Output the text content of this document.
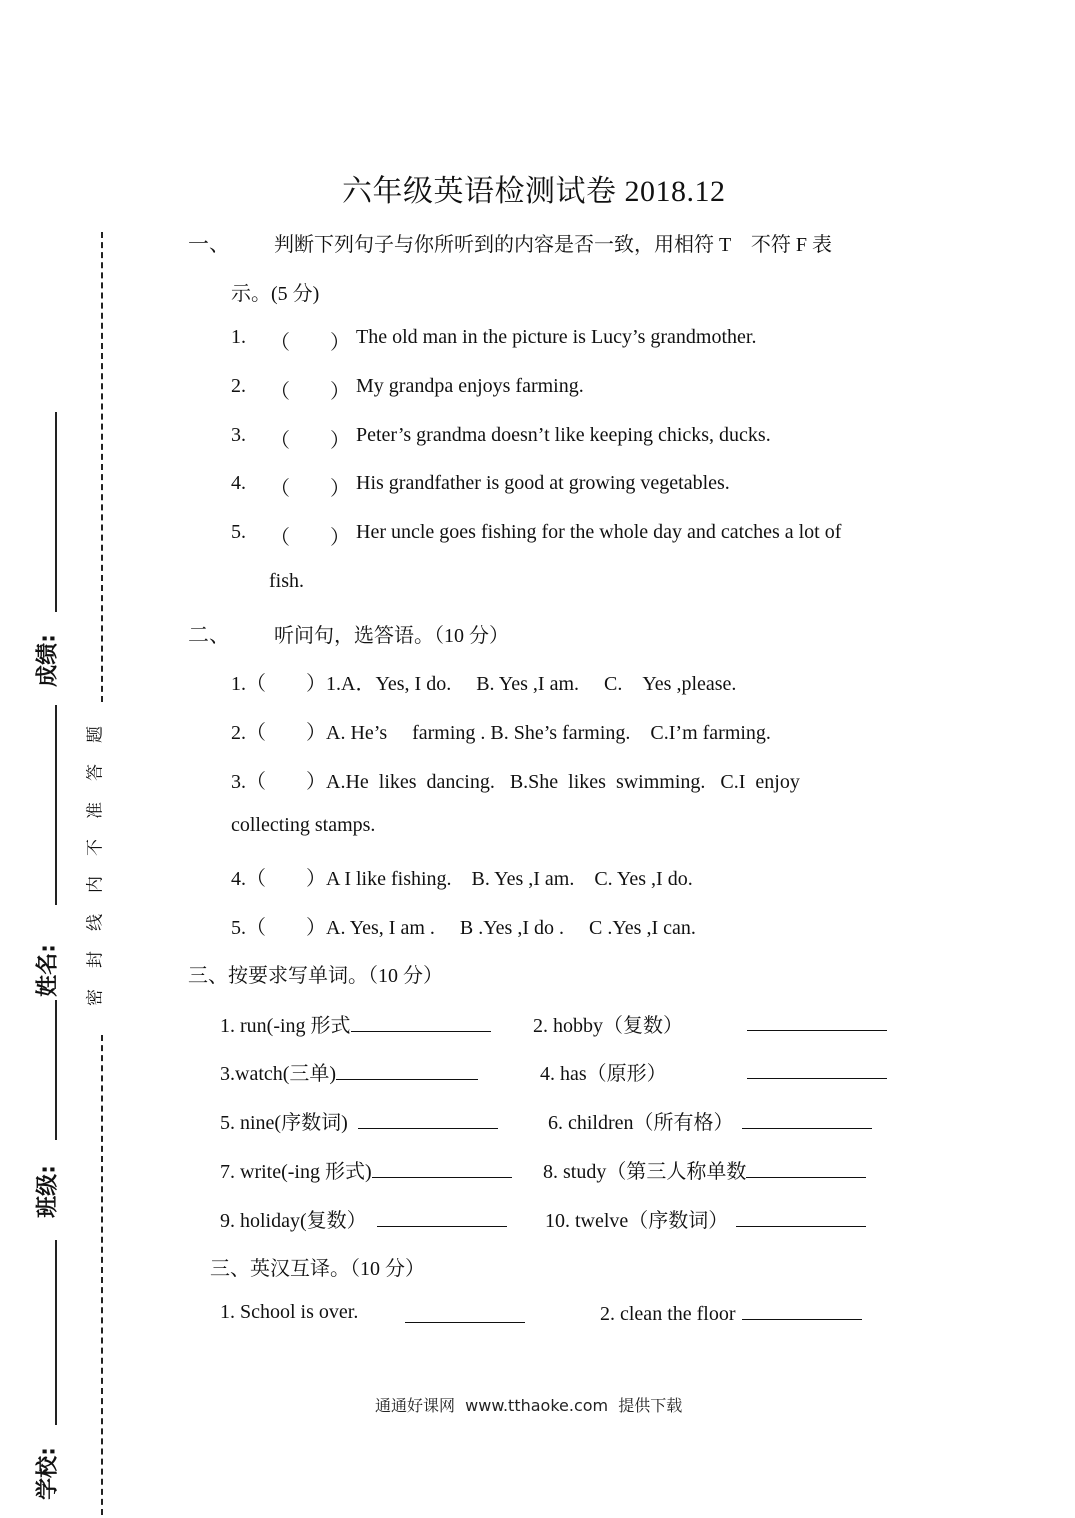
成绩:
姓名:
班级:
学校:
密
封
线
内
不
准
答
题
六年级英语检测试卷 2018.12
一、 判断下列句子与你所听到的内容是否一致，用相符 T　不符 F 表
示。(5 分)
1. （　　） The old man in the picture is Lucy’s grandmother.
2. （　　） My grandpa enjoys farming.
3. （　　） Peter’s grandma doesn’t like keeping chicks, ducks.
4. （　　） His grandfather is good at growing vegetables.
5. （　　） Her uncle goes fishing for the whole day and catches a lot of
fish.
二、 听问句，选答语。（10 分）
1.（　　）1.A．Yes, I do.　 B. Yes ,I am.　 C.　Yes ,please.
2.（　　）A. He’s　 farming . B. She’s farming.　C.I’m farming.
3.（　　）A.He  likes  dancing.   B.She  likes  swimming.   C.I  enjoy
collecting stamps.
4.（　　）A I like fishing.　B. Yes ,I am.　C. Yes ,I do.
5.（　　）A. Yes, I am .　 B .Yes ,I do .　 C .Yes ,I can.
三、按要求写单词。（10 分）
1. run(-ing 形式	2. hobby（复数）
3.watch(三单)	4. has（原形）
5. nine(序数词)	6. children（所有格）
7. write(-ing 形式)	8. study（第三人称单数
9. holiday(复数）	10. twelve（序数词）
三、英汉互译。（10 分）
1. School is over.	2. clean the floor
通通好课网  www.tthaoke.com  提供下载
